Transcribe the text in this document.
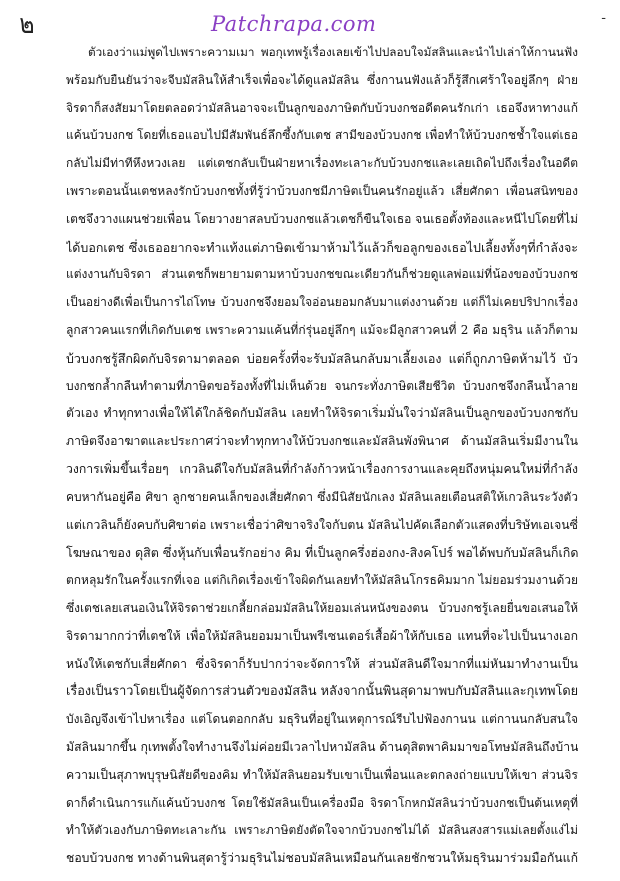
๒	Patchrapa.com	-
ตัวเองว่าแม่พูดไปเพราะความเมา พอกุเทพรู้เรื่องเลยเข้าไปปลอบใจมัสลินและนำไปเล่าให้กานนฟัง
พร้อมกับยืนยันว่าจะจีบมัสลินให้สำเร็จเพื่อจะได้ดูแลมัสลิน ซึ่งกานนฟังแล้วก็รู้สึกเศร้าใจอยู่ลึกๆ ฝ่าย
จิรดาก็สงสัยมาโดยตลอดว่ามัสลินอาจจะเป็นลูกของภาษิตกับบ้วบงกชอดีตคนรักเก่า เธอจึงหาทางแก้
แค้นบ้วบงกช โดยที่เธอแอบไปมีสัมพันธ์ลึกซึ้งกับเตช สามีของบ้วบงกช เพื่อทำให้บ้วบงกชช้ำใจแต่เธอ
กลับไม่มีท่าทีหึงหวงเลย แต่เตชกลับเป็นฝ่ายหาเรื่องทะเลาะกับบ้วบงกชและเลยเถิดไปถึงเรื่องในอดีต
เพราะตอนนั้นเตชหลงรักบ้วบงกชทั้งที่รู้ว่าบ้วบงกชมีภาษิตเป็นคนรักอยู่แล้ว เสี่ยศักดา เพื่อนสนิทของ
เตชจึงวางแผนช่วยเพื่อน โดยวางยาสลบบ้วบงกชแล้วเตชก็ขืนใจเธอ จนเธอตั้งท้องและหนีไปโดยที่ไม่
ได้บอกเตช ซึ่งเธออยากจะทำแท้งแต่ภาษิตเข้ามาห้ามไว้แล้วก็ขอลูกของเธอไปเลี้ยงทั้งๆที่กำลังจะ
แต่งงานกับจิรดา ส่วนเตชก็พยายามตามหาบ้วบงกชขณะเดียวกันก็ช่วยดูแลพ่อแม่ที่น้องของบ้วบงกช
เป็นอย่างดีเพื่อเป็นการไถ่โทษ บ้วบงกชจึงยอมใจอ่อนยอมกลับมาแต่งงานด้วย แต่ก็ไม่เคยปริปากเรื่อง
ลูกสาวคนแรกที่เกิดกับเตช เพราะความแค้นที่ก่รุ่นอยู่ลึกๆ แม้จะมีลูกสาวคนที่ 2 คือ มธุริน แล้วก็ตาม
บ้วบงกชรู้สึกผิดกับจิรดามาตลอด บ่อยครั้งที่จะรับมัสลินกลับมาเลี้ยงเอง แต่ก็ถูกภาษิตห้ามไว้ บัว
บงกชกล้ำกลืนทำตามที่ภาษิตขอร้องทั้งที่ไม่เห็นด้วย จนกระทั่งภาษิตเสียชีวิต บ้วบงกชจึงกลืนน้ำลาย
ตัวเอง ทำทุกทางเพื่อให้ได้ใกล้ชิดกับมัสลิน เลยทำให้จิรดาเริ่มมั่นใจว่ามัสลินเป็นลูกของบ้วบงกชกับ
ภาษิตจึงอาฆาตและประกาศว่าจะทำทุกทางให้บ้วบงกชและมัสลินพังพินาศ ด้านมัสลินเริ่มมีงานใน
วงการเพิ่มขึ้นเรื่อยๆ เกวลินดีใจกับมัสลินที่กำลังก้าวหน้าเรื่องการงานและคุยถึงหนุ่มคนใหม่ที่กำลัง
คบหากันอยู่คือ ศิขา ลูกชายคนเล็กของเสี่ยศักดา ซึ่งมีนิสัยนักเลง มัสลินเลยเตือนสติให้เกวลินระวังตัว
แต่เกวลินก็ยังคบกับศิขาต่อ เพราะเชื่อว่าศิขาจริงใจกับตน มัสลินไปคัดเลือกตัวแสดงที่บริษัทเอเจนซี่
โฆษณาของ ดุสิต ซึ่งหุ้นกับเพื่อนรักอย่าง คิม ที่เป็นลูกครึ่งฮ่องกง-สิงคโปร์ พอได้พบกับมัสลินก็เกิด
ตกหลุมรักในครั้งแรกที่เจอ แต่กิเกิดเรื่องเข้าใจผิดกันเลยทำให้มัสลินโกรธคิมมาก ไม่ยอมร่วมงานด้วย
ซึ่งเตชเลยเสนอเงินให้จิรดาช่วยเกลี้ยกล่อมมัสลินให้ยอมเล่นหนังของตน บ้วบงกชรู้เลยยื่นขอเสนอให้
จิรดามากกว่าที่เตชให้ เพื่อให้มัสลินยอมมาเป็นพรีเซนเตอร์เสื้อผ้าให้กับเธอ แทนที่จะไปเป็นนางเอก
หนังให้เตชกับเสี่ยศักดา ซึ่งจิรดาก็รับปากว่าจะจัดการให้ ส่วนมัสลินดีใจมากที่แม่หันมาทำงานเป็น
เรื่องเป็นราวโดยเป็นผู้จัดการส่วนตัวของมัสลิน หลังจากนั้นพินสุดามาพบกับมัสลินและกุเทพโดย
บังเอิญจึงเข้าไปหาเรื่อง แต่โดนตอกกลับ มธุรินที่อยู่ในเหตุการณ์รีบไปฟ้องกานน แต่กานนกลับสนใจ
มัสลินมากขึ้น กุเทพตั้งใจทำงานจึงไม่ค่อยมีเวลาไปหามัสลิน ด้านดุสิตพาคิมมาขอโทษมัสลินถึงบ้าน
ความเป็นสุภาพบุรุษนิสัยดีของคิม ทำให้มัสลินยอมรับเขาเป็นเพื่อนและตกลงถ่ายแบบให้เขา ส่วนจิร
ดาก็ดำเนินการแก้แค้นบ้วบงกช โดยใช้มัสลินเป็นเครื่องมือ จิรดาโกหกมัสลินว่าบ้วบงกชเป็นต้นเหตุที่
ทำให้ตัวเองกับภาษิตทะเลาะกัน เพราะภาษิตยังตัดใจจากบ้วบงกชไม่ได้ มัสลินสงสารแม่เลยตั้งแง่ไม่
ชอบบ้วบงกช ทางด้านพินสุดารู้ว่ามธุรินไม่ชอบมัสลินเหมือนกันเลยชักชวนให้มธุรินมาร่วมมือกันแก้
